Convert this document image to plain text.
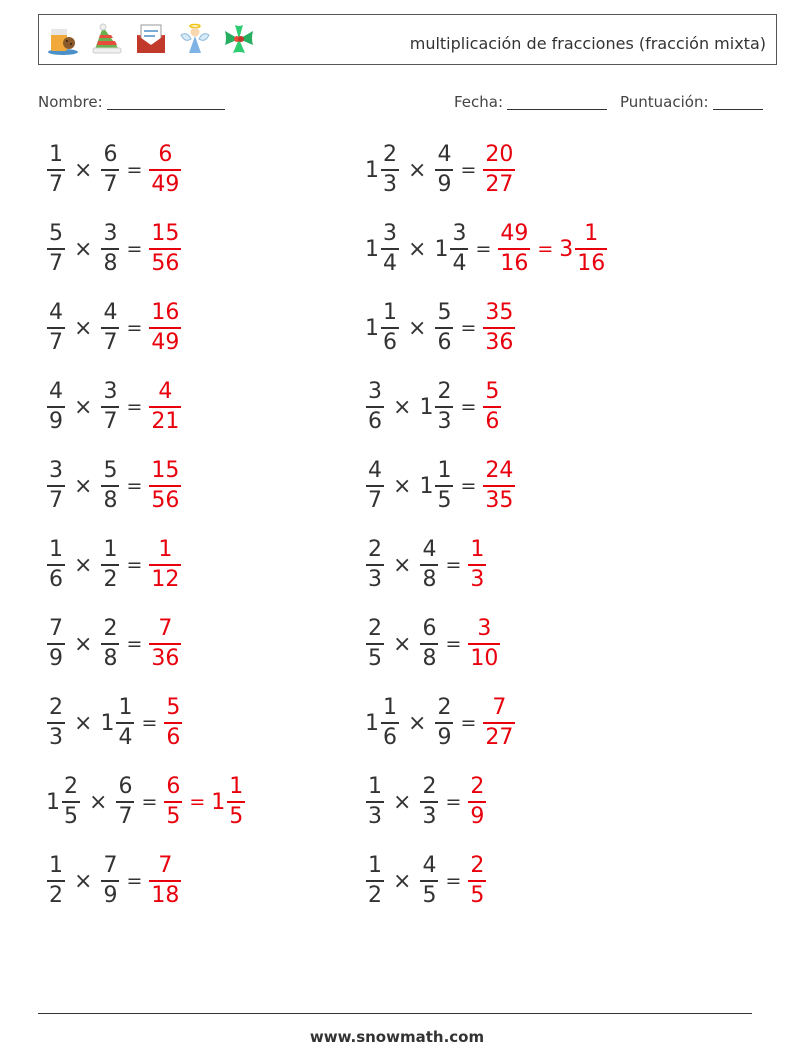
multiplicación de fracciones (fracción mixta)
Nombre:	Fecha:	Puntuación:
$\frac{1}{7} \times \frac{6}{7} = \frac{6}{49}$	$1 \frac{2}{3} \times \frac{4}{9} = \frac{20}{27}$
$\frac{5}{7} \times \frac{3}{8} = \frac{15}{56}$	$1 \frac{3}{4} \times 1 \frac{3}{4} = \frac{49}{16} = 3 \frac{1}{16}$
$\frac{4}{7} \times \frac{4}{7} = \frac{16}{49}$	$1 \frac{1}{6} \times \frac{5}{6} = \frac{35}{36}$
$\frac{4}{9} \times \frac{3}{7} = \frac{4}{21}$	$\frac{3}{6} \times 1 \frac{2}{3} = \frac{5}{6}$
$\frac{3}{7} \times \frac{5}{8} = \frac{15}{56}$	$\frac{4}{7} \times 1 \frac{1}{5} = \frac{24}{35}$
$\frac{1}{6} \times \frac{1}{2} = \frac{1}{12}$	$\frac{2}{3} \times \frac{4}{8} = \frac{1}{3}$
$\frac{7}{9} \times \frac{2}{8} = \frac{7}{36}$	$\frac{2}{5} \times \frac{6}{8} = \frac{3}{10}$
$\frac{2}{3} \times 1 \frac{1}{4} = \frac{5}{6}$	$1 \frac{1}{6} \times \frac{2}{9} = \frac{7}{27}$
$1 \frac{2}{5} \times \frac{6}{7} = \frac{6}{5} = 1 \frac{1}{5}$	$\frac{1}{3} \times \frac{2}{3} = \frac{2}{9}$
$\frac{1}{2} \times \frac{7}{9} = \frac{7}{18}$	$\frac{1}{2} \times \frac{4}{5} = \frac{2}{5}$
www.snowmath.com
